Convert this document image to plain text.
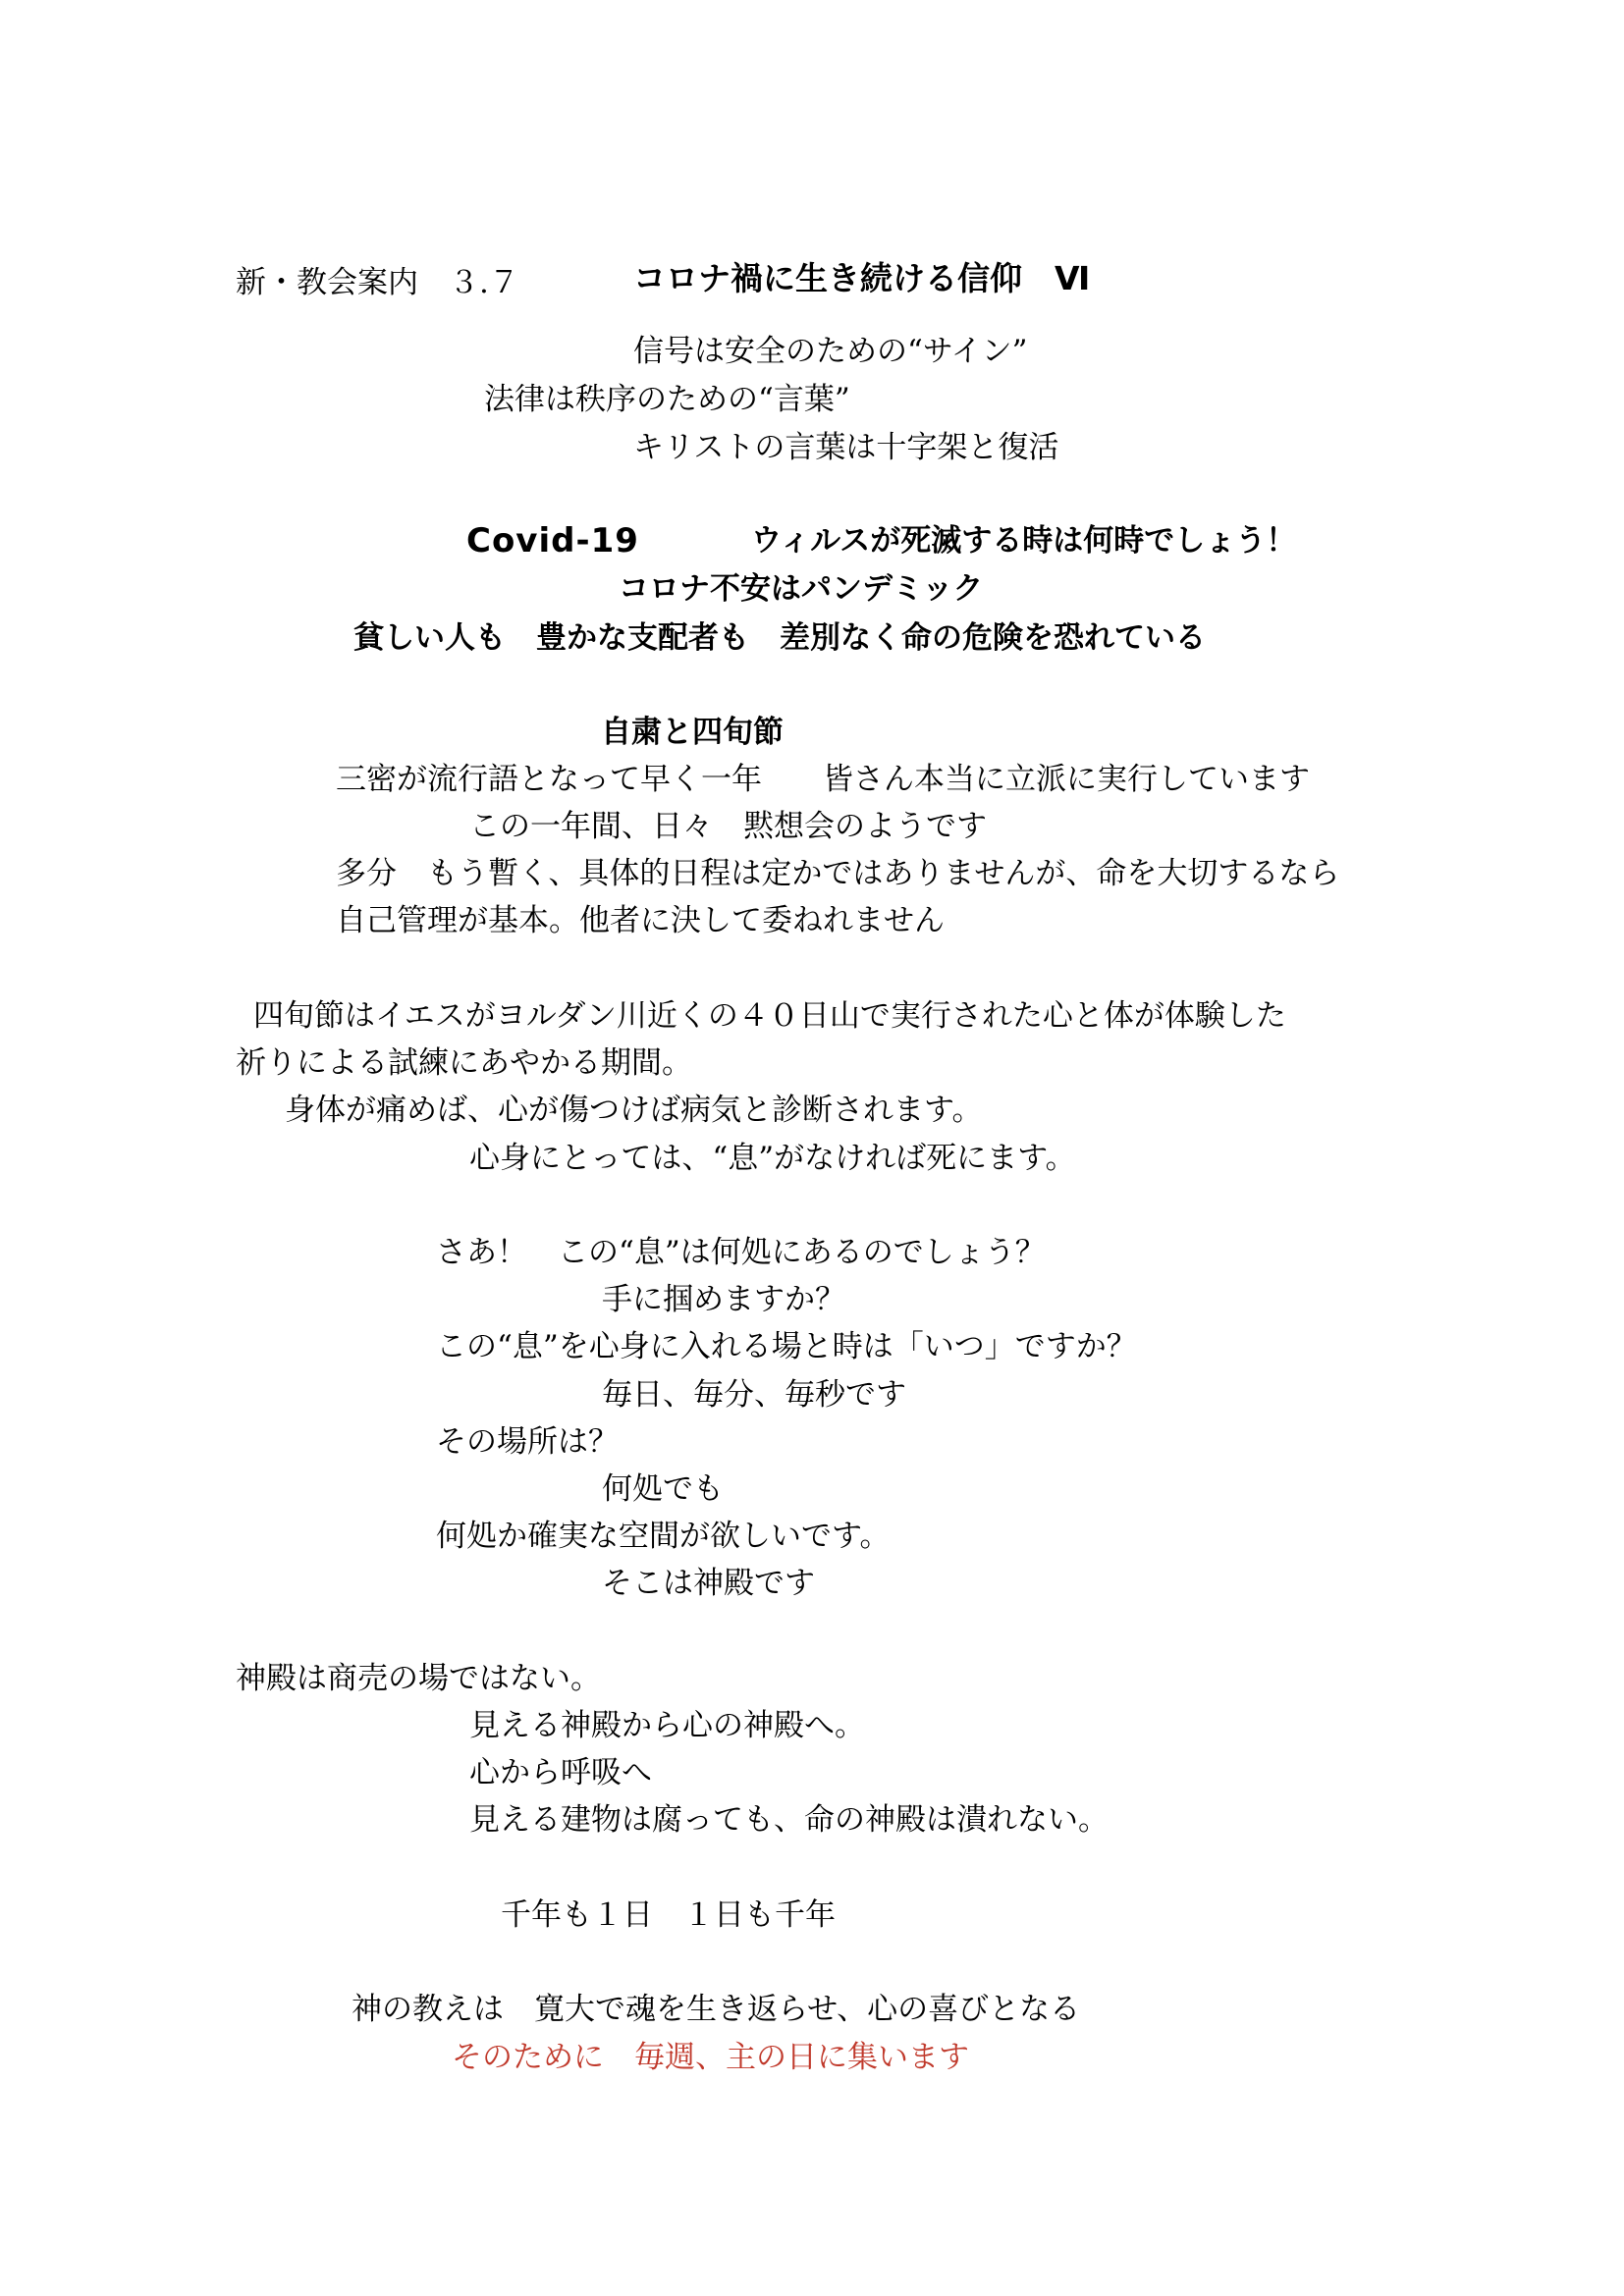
新・教会案内　３.７	コロナ禍に生き続ける信仰　Ⅵ
信号は安全のための“サイン”
法律は秩序のための“言葉”
キリストの言葉は十字架と復活
Covid-19	ウィルスが死滅する時は何時でしょう！
コロナ不安はパンデミック
貧しい人も　豊かな支配者も　差別なく命の危険を恐れている
自粛と四旬節
三密が流行語となって早く一年　　皆さん本当に立派に実行しています
この一年間、日々　黙想会のようです
多分　もう暫く、具体的日程は定かではありませんが、命を大切するなら
自己管理が基本。他者に決して委ねれません
四旬節はイエスがヨルダン川近くの４０日山で実行された心と体が体験した
祈りによる試練にあやかる期間。
身体が痛めば、心が傷つけば病気と診断されます。
心身にとっては、“息”がなければ死にます。
さあ！　この“息”は何処にあるのでしょう？
手に掴めますか？
この“息”を心身に入れる場と時は「いつ」ですか？
毎日、毎分、毎秒です
その場所は？
何処でも
何処か確実な空間が欲しいです。
そこは神殿です
神殿は商売の場ではない。
見える神殿から心の神殿へ。
心から呼吸へ
見える建物は腐っても、命の神殿は潰れない。
千年も１日　１日も千年
神の教えは　寛大で魂を生き返らせ、心の喜びとなる
そのために　毎週、主の日に集います
